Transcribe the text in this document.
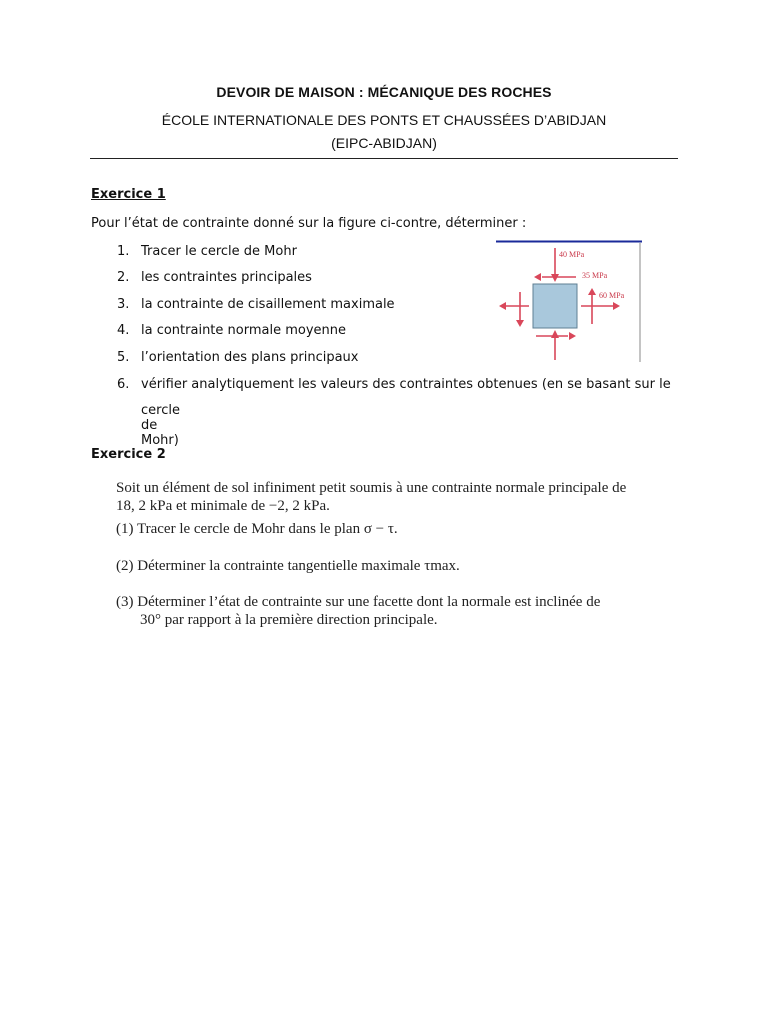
DEVOIR DE MAISON : MÉCANIQUE DES ROCHES
ÉCOLE INTERNATIONALE DES PONTS ET CHAUSSÉES D’ABIDJAN
(EIPC-ABIDJAN)
Exercice 1
Pour l’état de contrainte donné sur la figure ci-contre, déterminer :
1. Tracer le cercle de Mohr
2. les contraintes principales
3. la contrainte de cisaillement maximale
4. la contrainte normale moyenne
5. l’orientation des plans principaux
6. vérifier analytiquement les valeurs des contraintes obtenues (en se basant sur le
cercle de Mohr)
40 MPa
35 MPa
60 MPa
Exercice 2
Soit un élément de sol infiniment petit soumis à une contrainte normale principale de
18, 2 kPa et minimale de −2, 2 kPa.
(1) Tracer le cercle de Mohr dans le plan σ − τ.
(2) Déterminer la contrainte tangentielle maximale τmax.
(3) Déterminer l’état de contrainte sur une facette dont la normale est inclinée de
30° par rapport à la première direction principale.
